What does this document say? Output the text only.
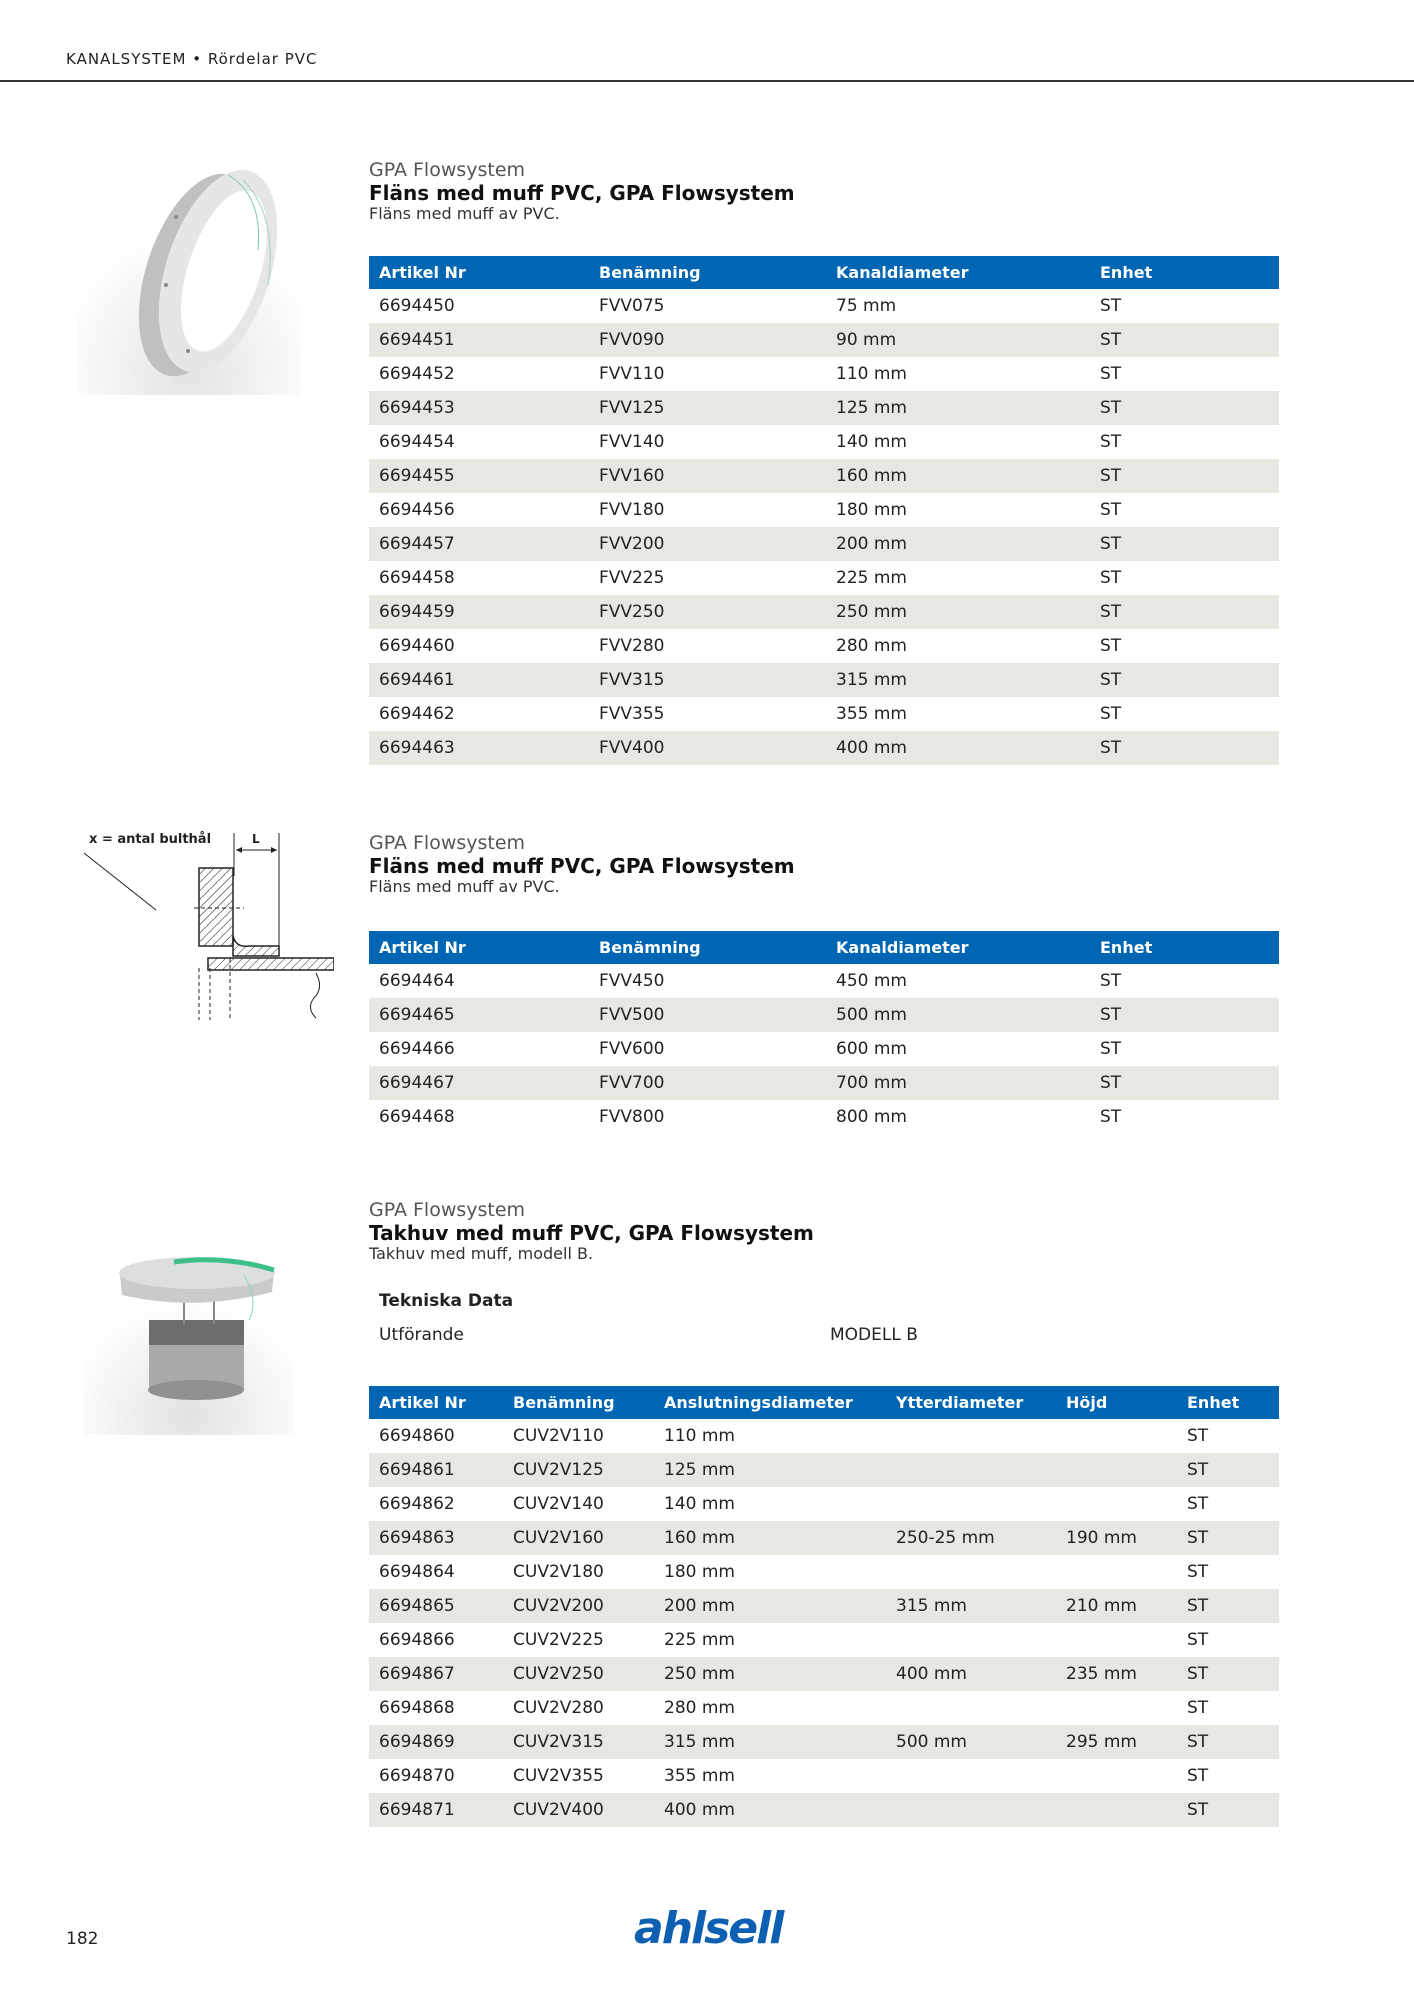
KANALSYSTEM • Rördelar PVC
GPA Flowsystem
Fläns med muff PVC, GPA Flowsystem
Fläns med muff av PVC.
Artikel Nr	Benämning	Kanaldiameter	Enhet
6694450	FVV075	75 mm	ST
6694451	FVV090	90 mm	ST
6694452	FVV110	110 mm	ST
6694453	FVV125	125 mm	ST
6694454	FVV140	140 mm	ST
6694455	FVV160	160 mm	ST
6694456	FVV180	180 mm	ST
6694457	FVV200	200 mm	ST
6694458	FVV225	225 mm	ST
6694459	FVV250	250 mm	ST
6694460	FVV280	280 mm	ST
6694461	FVV315	315 mm	ST
6694462	FVV355	355 mm	ST
6694463	FVV400	400 mm	ST
x = antal bulthål	L	GPA Flowsystem
Fläns med muff PVC, GPA Flowsystem
Fläns med muff av PVC.
Artikel Nr	Benämning	Kanaldiameter	Enhet
6694464	FVV450	450 mm	ST
6694465	FVV500	500 mm	ST
6694466	FVV600	600 mm	ST
6694467	FVV700	700 mm	ST
6694468	FVV800	800 mm	ST
GPA Flowsystem
Takhuv med muff PVC, GPA Flowsystem
Takhuv med muff, modell B.
Tekniska Data
Utförande	MODELL B
Artikel Nr	Benämning	Anslutningsdiameter	Ytterdiameter	Höjd	Enhet
6694860	CUV2V110	110 mm			ST
6694861	CUV2V125	125 mm			ST
6694862	CUV2V140	140 mm			ST
6694863	CUV2V160	160 mm	250-25 mm	190 mm	ST
6694864	CUV2V180	180 mm			ST
6694865	CUV2V200	200 mm	315 mm	210 mm	ST
6694866	CUV2V225	225 mm			ST
6694867	CUV2V250	250 mm	400 mm	235 mm	ST
6694868	CUV2V280	280 mm			ST
6694869	CUV2V315	315 mm	500 mm	295 mm	ST
6694870	CUV2V355	355 mm			ST
6694871	CUV2V400	400 mm			ST
182	ahlsell
